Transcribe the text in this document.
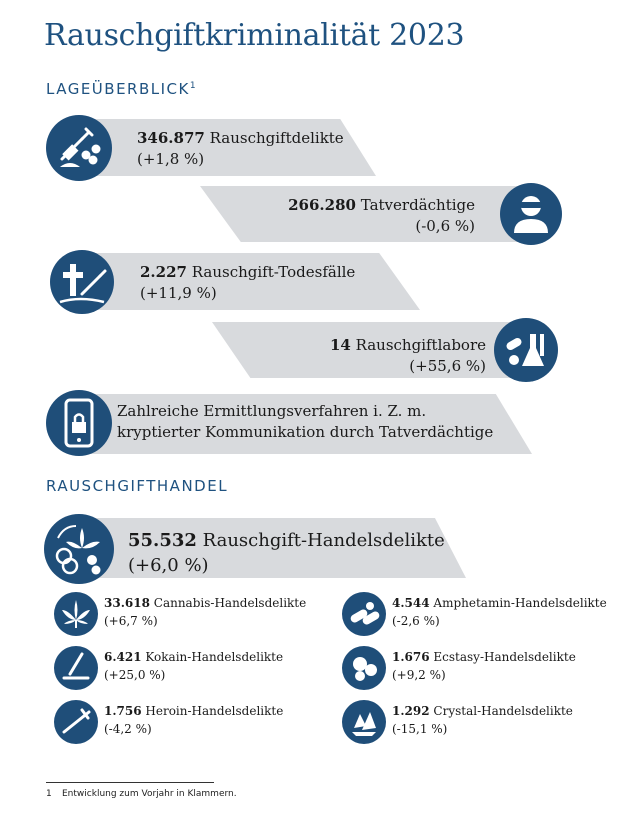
Rauschgiftkriminalität 2023
LAGEÜBERBLICK$^1$
346.877 Rauschgiftdelikte
(+1,8 %)
266.280 Tatverdächtige
(-0,6 %)
2.227 Rauschgift-Todesfälle
(+11,9 %)
14 Rauschgiftlabore
(+55,6 %)
Zahlreiche Ermittlungsverfahren i. Z. m.
kryptierter Kommunikation durch Tatverdächtige
RAUSCHGIFTHANDEL
55.532 Rauschgift-Handelsdelikte
(+6,0 %)
33.618 Cannabis-Handelsdelikte
(+6,7 %)
6.421 Kokain-Handelsdelikte
(+25,0 %)
1.756 Heroin-Handelsdelikte
(-4,2 %)
4.544 Amphetamin-Handelsdelikte
(-2,6 %)
1.676 Ecstasy-Handelsdelikte
(+9,2 %)
1.292 Crystal-Handelsdelikte
(-15,1 %)
1 Entwicklung zum Vorjahr in Klammern.
